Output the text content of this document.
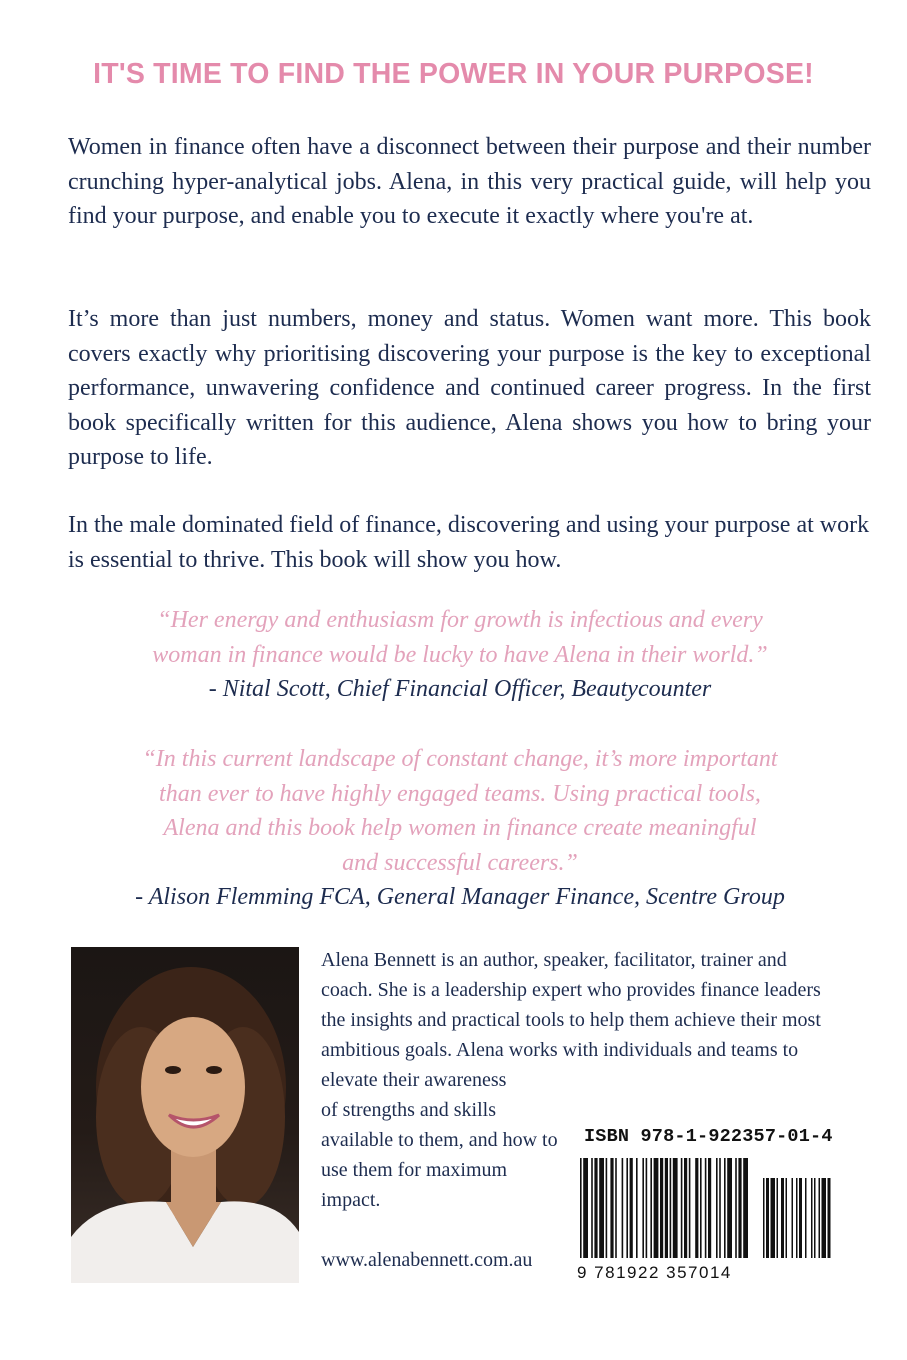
IT'S TIME TO FIND THE POWER IN YOUR PURPOSE!

Women in finance often have a disconnect between their purpose and their number crunching hyper-analytical jobs. Alena, in this very practical guide, will help you find your purpose, and enable you to execute it exactly where you're at.

It’s more than just numbers, money and status. Women want more. This book covers exactly why prioritising discovering your purpose is the key to exceptional performance, unwavering confidence and continued career progress. In the first book specifically written for this audience, Alena shows you how to bring your purpose to life.

In the male dominated field of finance, discovering and using your purpose at work is essential to thrive. This book will show you how.

“Her energy and enthusiasm for growth is infectious and every

woman in finance would be lucky to have Alena in their world.”

- Nital Scott, Chief Financial Officer, Beautycounter

“In this current landscape of constant change, it’s more important

than ever to have highly engaged teams. Using practical tools,

Alena and this book help women in finance create meaningful

and successful careers.”

- Alison Flemming FCA, General Manager Finance, Scentre Group

Alena Bennett is an author, speaker, facilitator, trainer and coach. She is a leadership expert who provides finance leaders the insights and practical tools to help them achieve their most ambitious goals. Alena works with individuals and teams to elevate their awareness

of strengths and skills available to them, and how to use them for maximum impact.

www.alenabennett.com.au

ISBN 978-1-922357-01-4

9 781922 357014
